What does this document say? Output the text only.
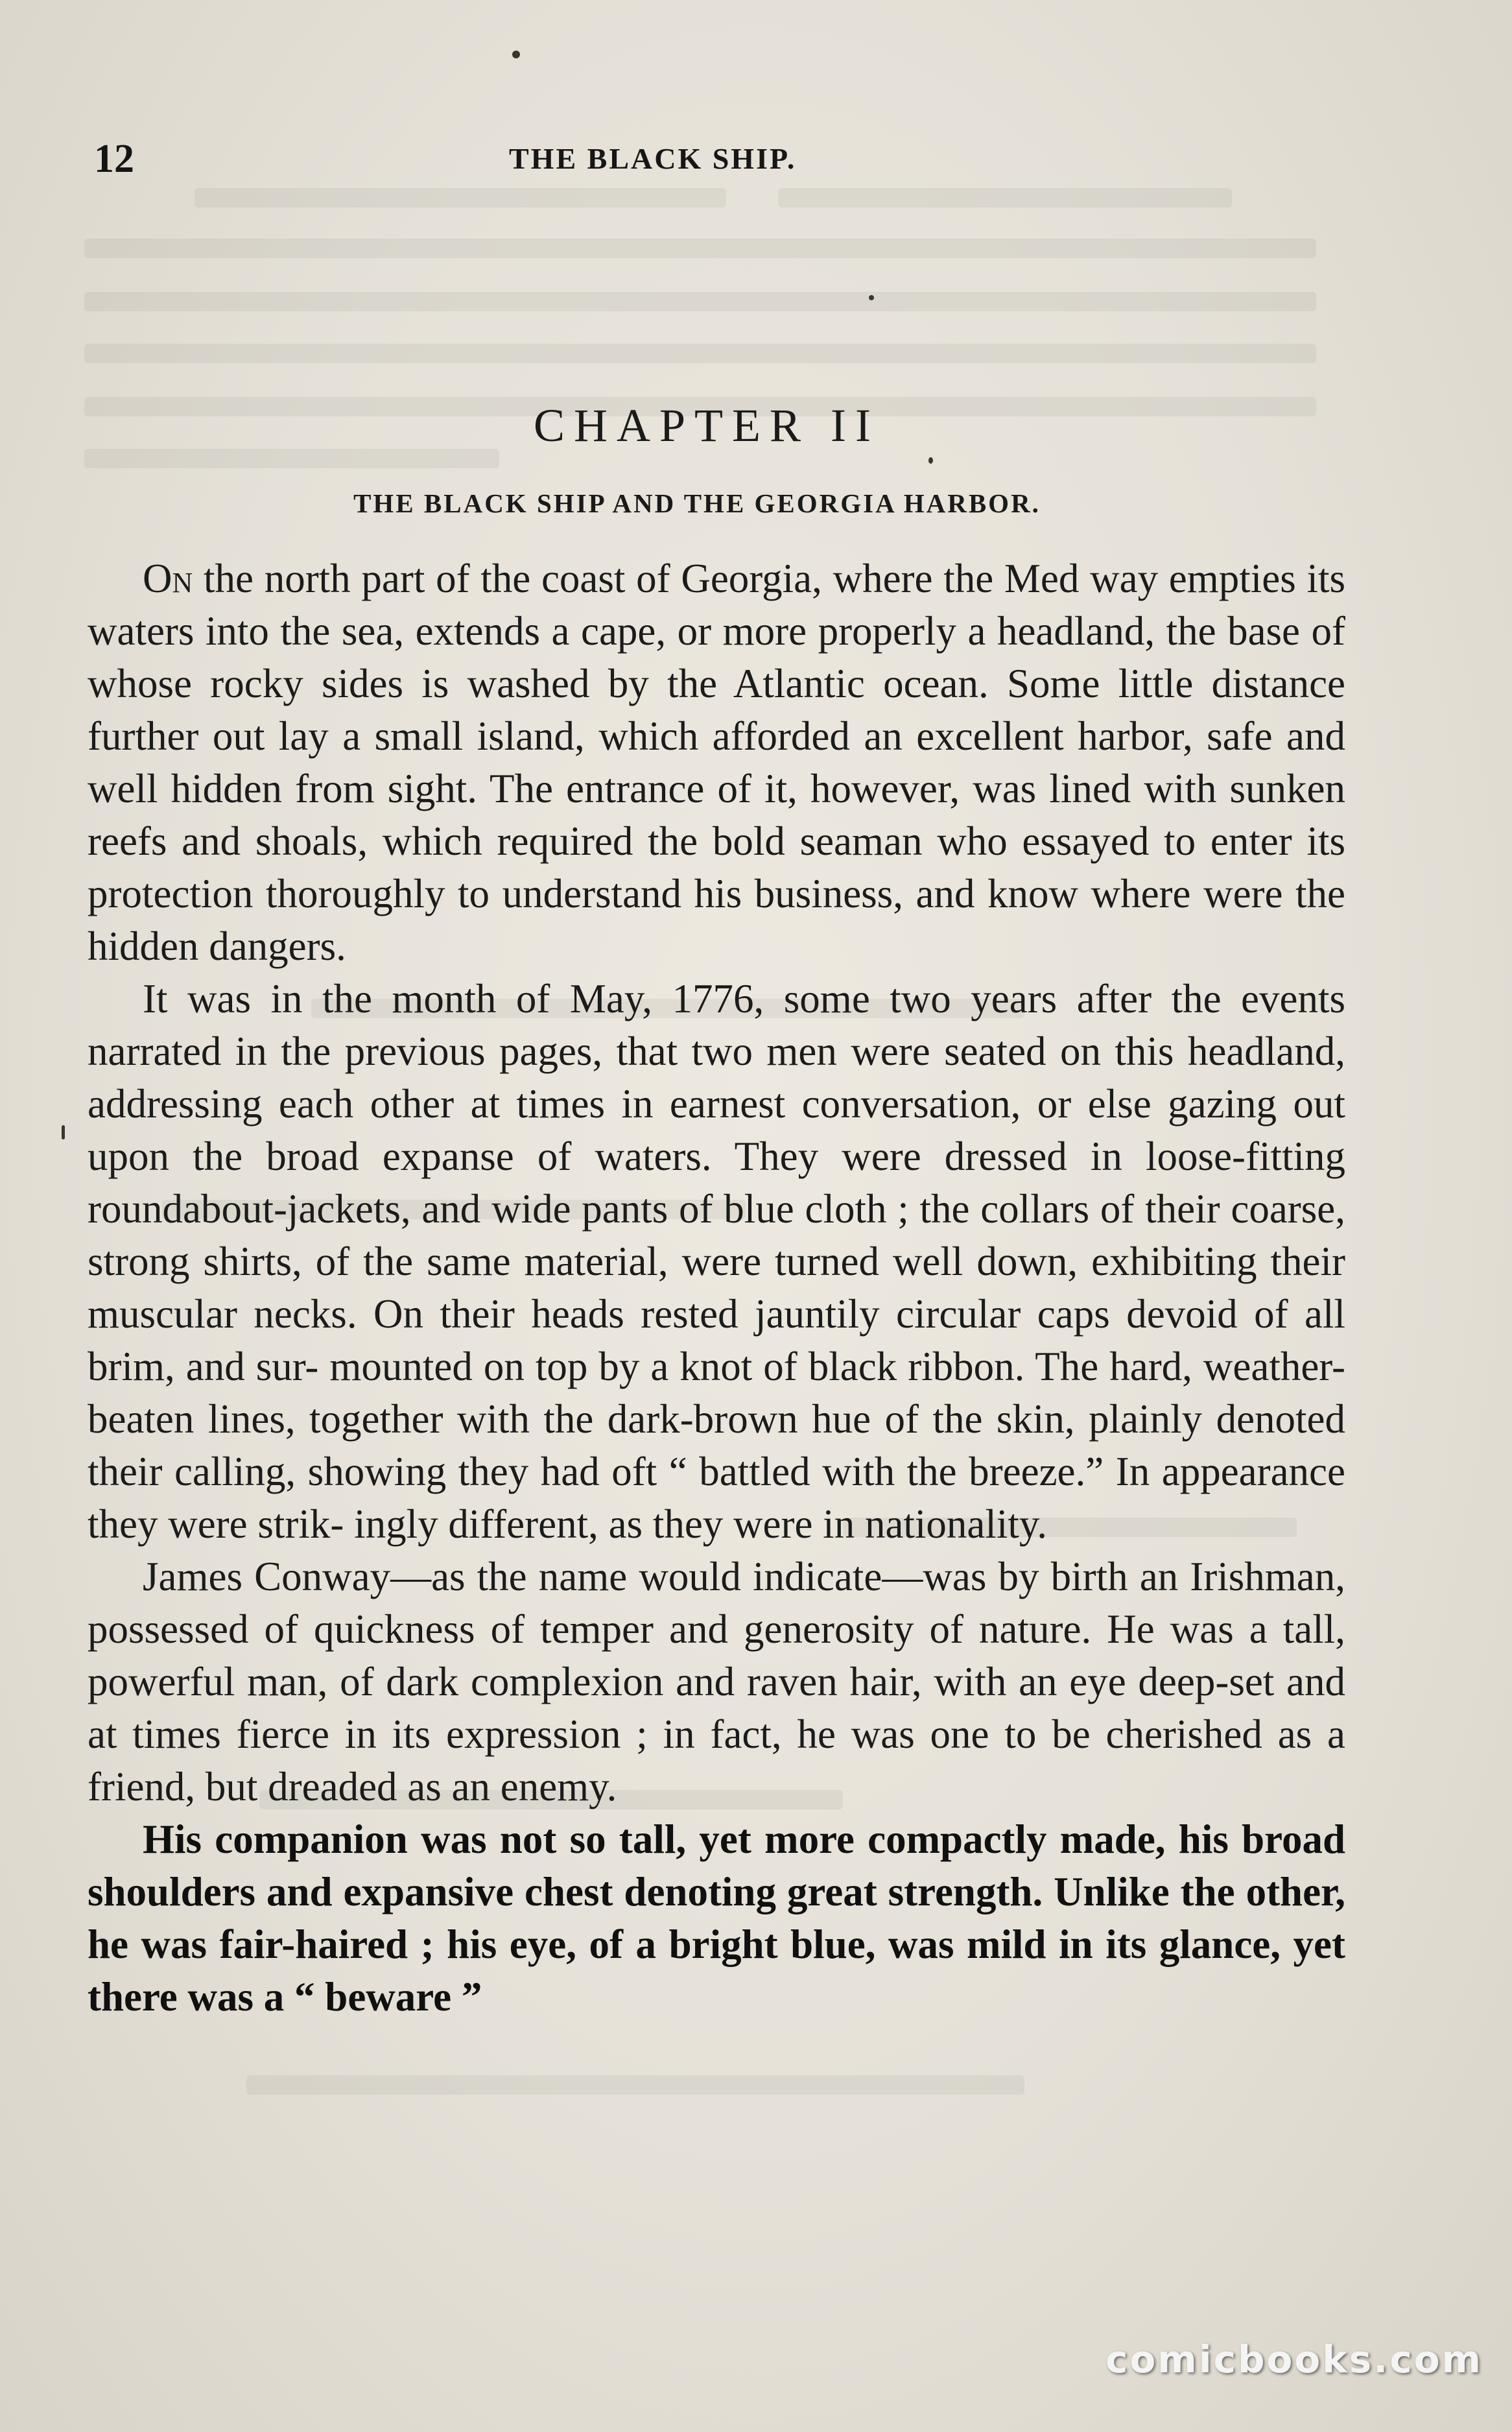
12	THE BLACK SHIP.
CHAPTER II
THE BLACK SHIP AND THE GEORGIA HARBOR.

On the north part of the coast of Georgia, where the Med way empties its waters into the sea, extends a cape, or more properly a headland, the base of whose rocky sides is washed by the Atlantic ocean. Some little distance further out lay a small island, which afforded an excellent harbor, safe and well hidden from sight. The entrance of it, however, was lined with sunken reefs and shoals, which required the bold seaman who essayed to enter its protection thoroughly to understand his business, and know where were the hidden dangers.

It was in the month of May, 1776, some two years after the events narrated in the previous pages, that two men were seated on this headland, addressing each other at times in earnest conversation, or else gazing out upon the broad expanse of waters. They were dressed in loose-fitting roundabout-jackets, and wide pants of blue cloth ; the collars of their coarse, strong shirts, of the same material, were turned well down, exhibiting their muscular necks. On their heads rested jauntily circular caps devoid of all brim, and sur- mounted on top by a knot of black ribbon. The hard, weather-beaten lines, together with the dark-brown hue of the skin, plainly denoted their calling, showing they had oft “ battled with the breeze.” In appearance they were strik- ingly different, as they were in nationality.

James Conway—as the name would indicate—was by birth an Irishman, possessed of quickness of temper and generosity of nature. He was a tall, powerful man, of dark complexion and raven hair, with an eye deep-set and at times fierce in its expression ; in fact, he was one to be cherished as a friend, but dreaded as an enemy.

His companion was not so tall, yet more compactly made, his broad shoulders and expansive chest denoting great strength. Unlike the other, he was fair-haired ; his eye, of a bright blue, was mild in its glance, yet there was a “ beware ”

comicbooks.com
